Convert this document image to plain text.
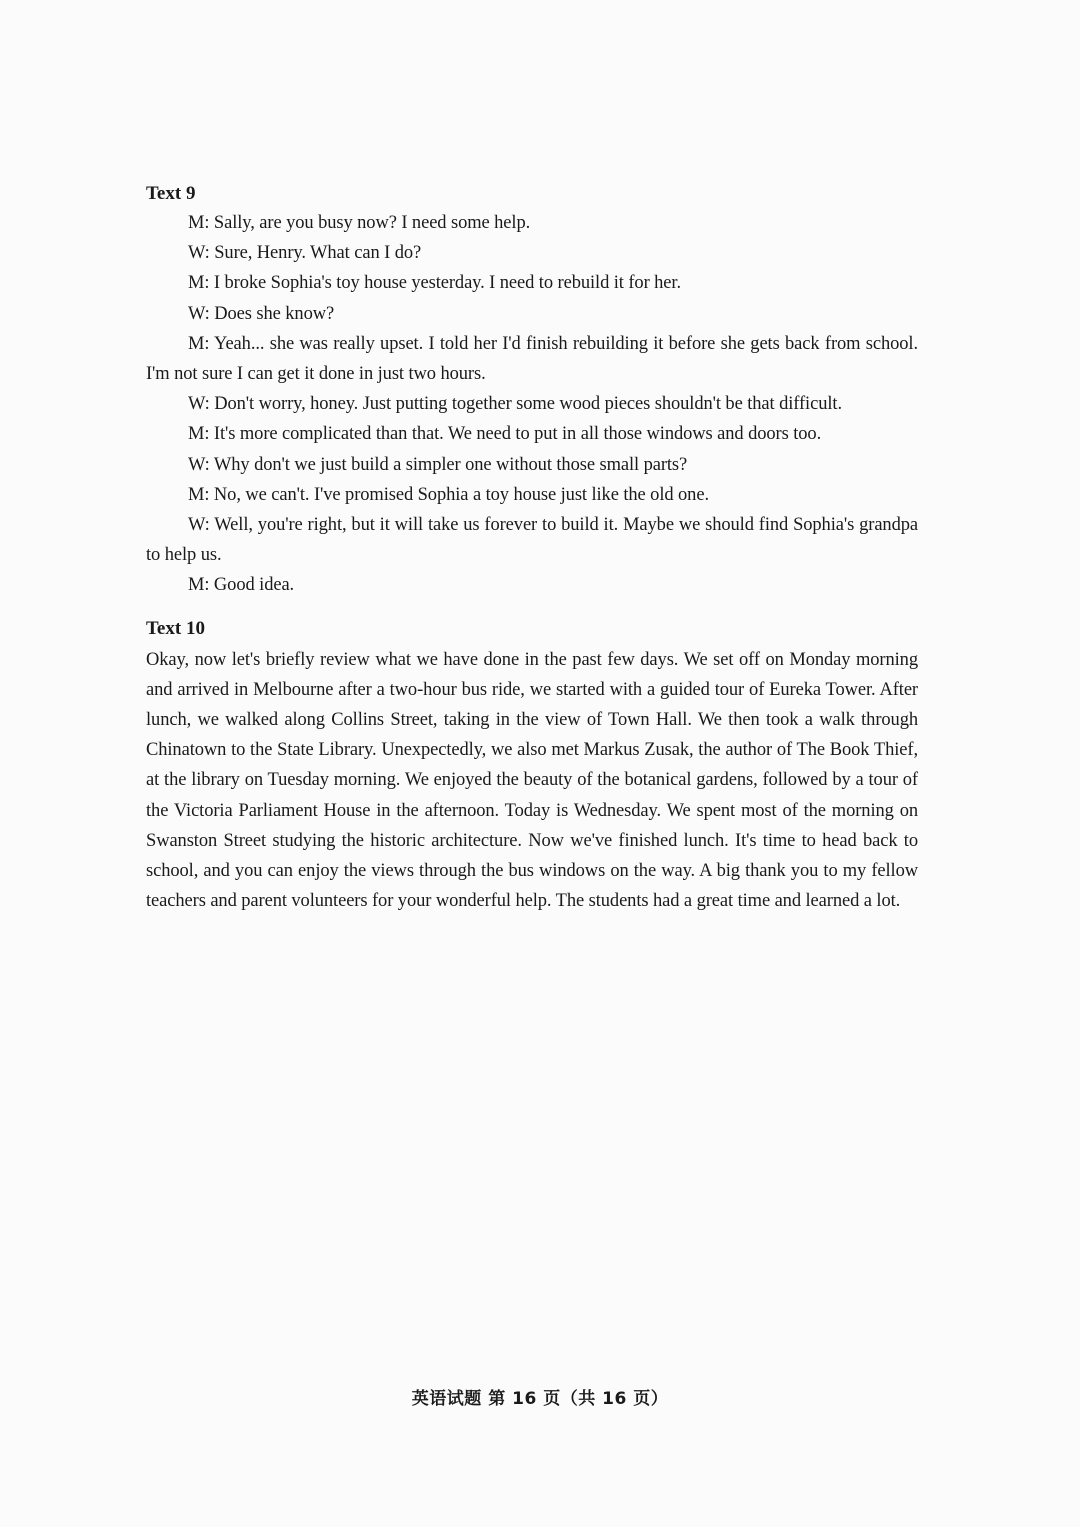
Text 9

M: Sally, are you busy now? I need some help.

W: Sure, Henry. What can I do?

M: I broke Sophia's toy house yesterday. I need to rebuild it for her.

W: Does she know?

M: Yeah... she was really upset. I told her I'd finish rebuilding it before she gets back from school. I'm not sure I can get it done in just two hours.

W: Don't worry, honey. Just putting together some wood pieces shouldn't be that difficult.

M: It's more complicated than that. We need to put in all those windows and doors too.

W: Why don't we just build a simpler one without those small parts?

M: No, we can't. I've promised Sophia a toy house just like the old one.

W: Well, you're right, but it will take us forever to build it. Maybe we should find Sophia's grandpa to help us.

M: Good idea.

Text 10

Okay, now let's briefly review what we have done in the past few days. We set off on Monday morning and arrived in Melbourne after a two-hour bus ride, we started with a guided tour of Eureka Tower. After lunch, we walked along Collins Street, taking in the view of Town Hall. We then took a walk through Chinatown to the State Library. Unexpectedly, we also met Markus Zusak, the author of The Book Thief, at the library on Tuesday morning. We enjoyed the beauty of the botanical gardens, followed by a tour of the Victoria Parliament House in the afternoon. Today is Wednesday. We spent most of the morning on Swanston Street studying the historic architecture. Now we've finished lunch. It's time to head back to school, and you can enjoy the views through the bus windows on the way. A big thank you to my fellow teachers and parent volunteers for your wonderful help. The students had a great time and learned a lot.

英语试题 第 16 页（共 16 页）
